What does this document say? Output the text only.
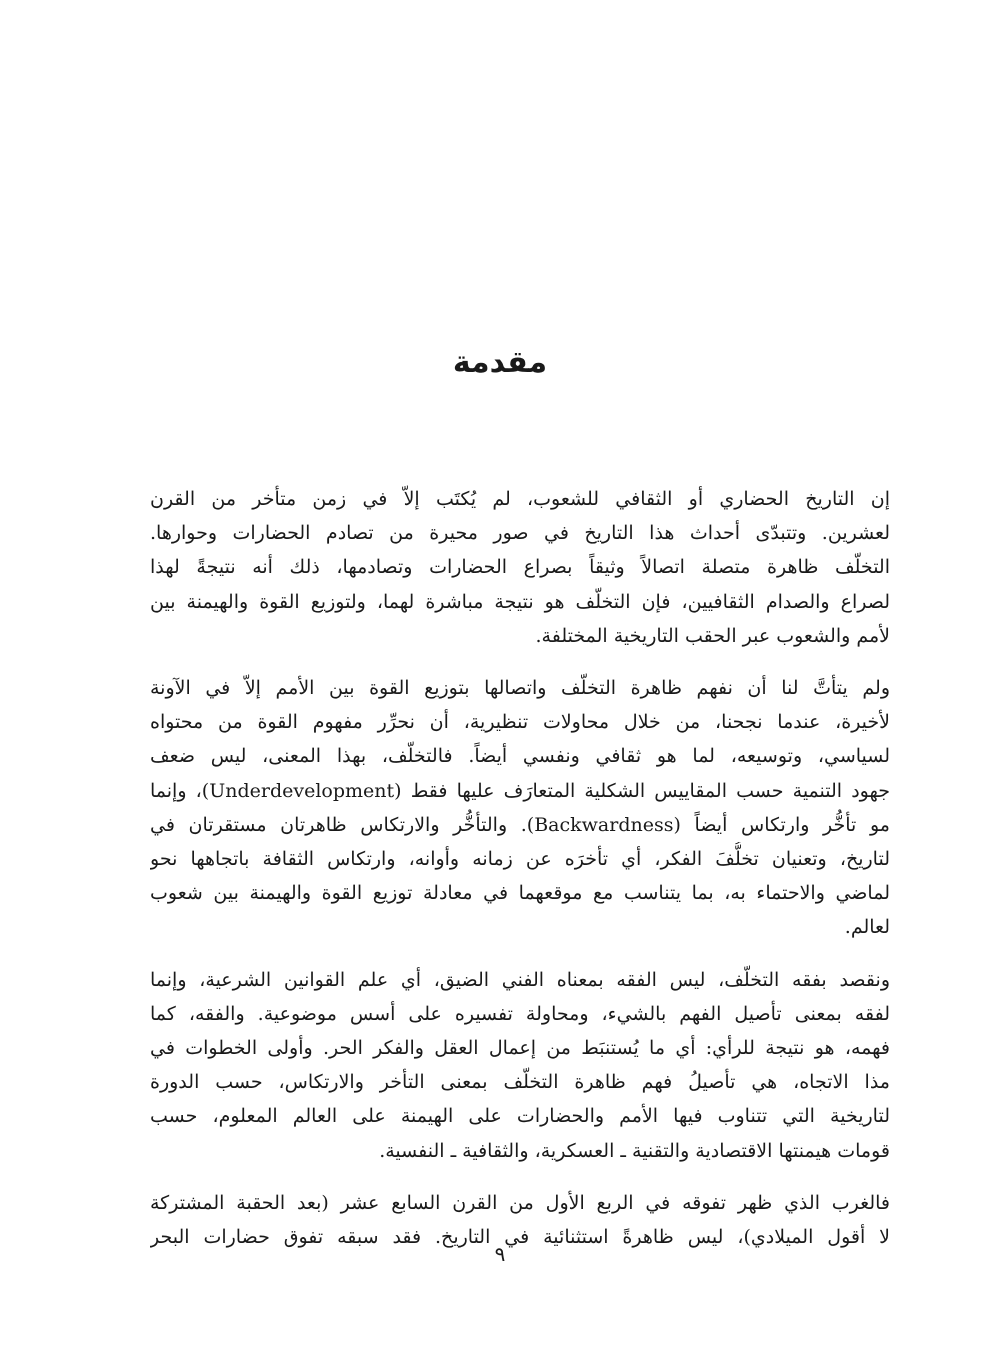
مقدمة
إن التاريخ الحضاري أو الثقافي للشعوب، لم يُكتَب إلاّ في زمن متأخر من القرن
لعشرين. وتتبدّى أحداث هذا التاريخ في صور محيرة من تصادم الحضارات وحوارها.
التخلّف ظاهرة متصلة اتصالاً وثيقاً بصراع الحضارات وتصادمها، ذلك أنه نتيجةً لهذا
لصراع والصدام الثقافيين، فإن التخلّف هو نتيجة مباشرة لهما، ولتوزيع القوة والهيمنة بين
لأمم والشعوب عبر الحقب التاريخية المختلفة.
ولم يتأتَّ لنا أن نفهم ظاهرة التخلّف واتصالها بتوزيع القوة بين الأمم إلاّ في الآونة
لأخيرة، عندما نجحنا، من خلال محاولات تنظيرية، أن نحرِّر مفهوم القوة من محتواه
لسياسي، وتوسيعه، لما هو ثقافي ونفسي أيضاً. فالتخلّف، بهذا المعنى، ليس ضعف
جهود التنمية حسب المقاييس الشكلية المتعارَف عليها فقط (Underdevelopment)، وإنما
مو تأخُّر وارتكاس أيضاً (Backwardness). والتأخُّر والارتكاس ظاهرتان مستقرتان في
لتاريخ، وتعنيان تخلُّفَ الفكر، أي تأخرَه عن زمانه وأوانه، وارتكاس الثقافة باتجاهها نحو
لماضي والاحتماء به، بما يتناسب مع موقعهما في معادلة توزيع القوة والهيمنة بين شعوب
لعالم.
ونقصد بفقه التخلّف، ليس الفقه بمعناه الفني الضيق، أي علم القوانين الشرعية، وإنما
لفقه بمعنى تأصيل الفهم بالشيء، ومحاولة تفسيره على أسس موضوعية. والفقه، كما
فهمه، هو نتيجة للرأي: أي ما يُستنبَط من إعمال العقل والفكر الحر. وأولى الخطوات في
مذا الاتجاه، هي تأصيلُ فهم ظاهرة التخلّف بمعنى التأخر والارتكاس، حسب الدورة
لتاريخية التي تتناوب فيها الأمم والحضارات على الهيمنة على العالم المعلوم، حسب
قومات هيمنتها الاقتصادية والتقنية ـ العسكرية، والثقافية ـ النفسية.
فالغرب الذي ظهر تفوقه في الربع الأول من القرن السابع عشر (بعد الحقبة المشتركة
لا أقول الميلادي)، ليس ظاهرةً استثنائية في التاريخ. فقد سبقه تفوق حضارات البحر
٩
